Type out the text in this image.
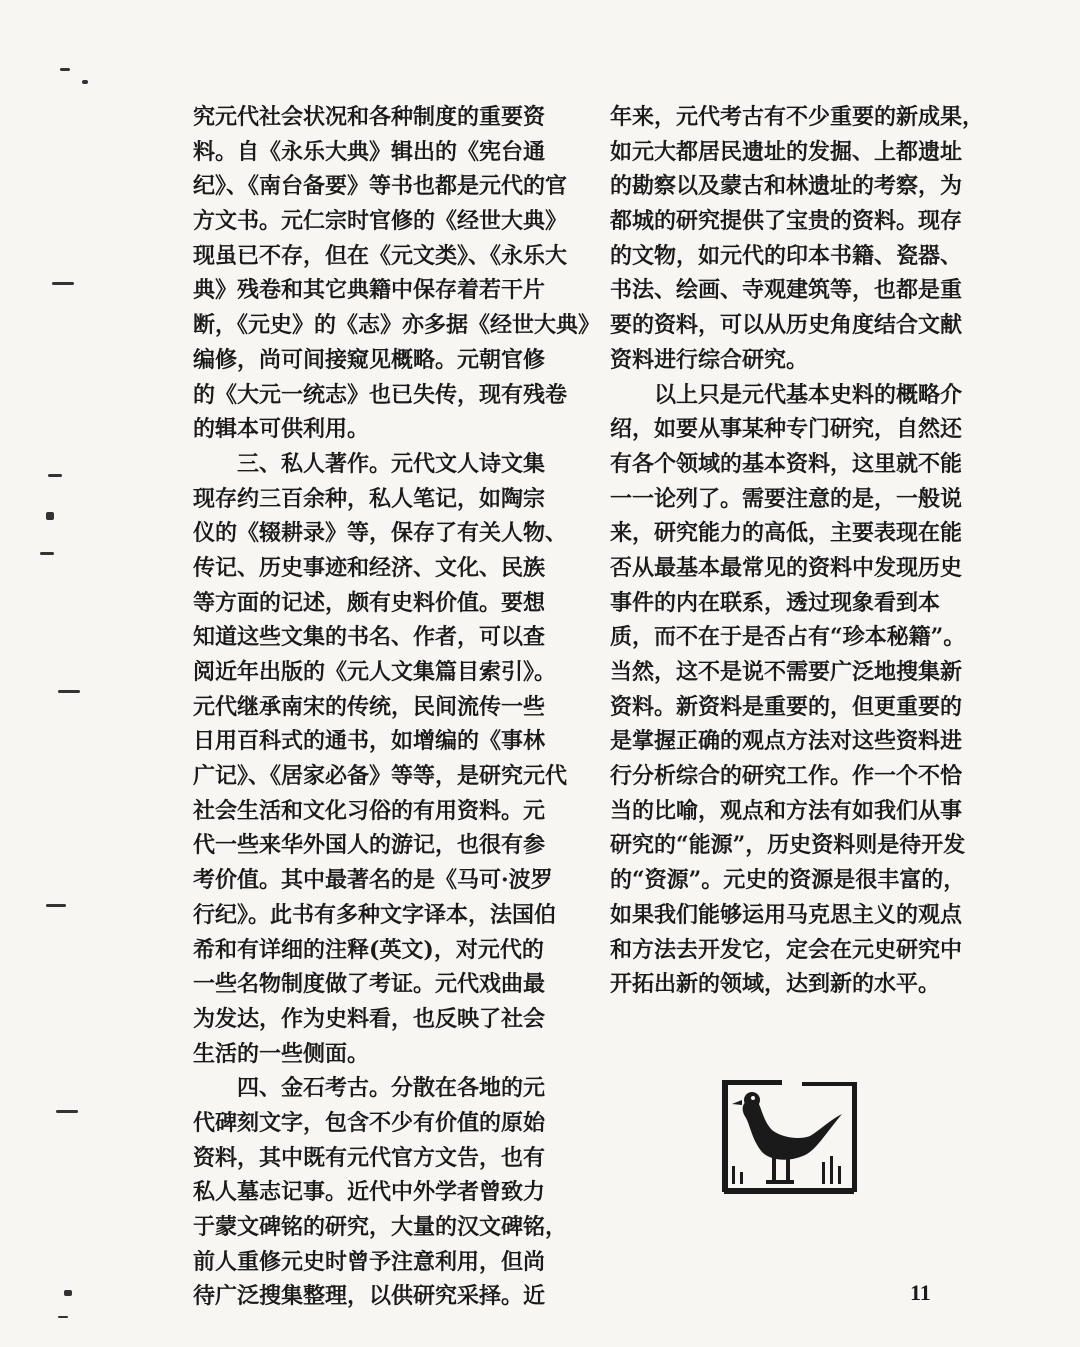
究元代社会状况和各种制度的重要资
料。自《永乐大典》辑出的《宪台通
纪》、《南台备要》等书也都是元代的官
方文书。元仁宗时官修的《经世大典》
现虽已不存，但在《元文类》、《永乐大
典》残卷和其它典籍中保存着若干片
断，《元史》的《志》亦多据《经世大典》
编修，尚可间接窥见概略。元朝官修
的《大元一统志》也已失传，现有残卷
的辑本可供利用。
三、私人著作。元代文人诗文集
现存约三百余种，私人笔记，如陶宗
仪的《辍耕录》等，保存了有关人物、
传记、历史事迹和经济、文化、民族
等方面的记述，颇有史料价值。要想
知道这些文集的书名、作者，可以查
阅近年出版的《元人文集篇目索引》。
元代继承南宋的传统，民间流传一些
日用百科式的通书，如增编的《事林
广记》、《居家必备》等等，是研究元代
社会生活和文化习俗的有用资料。元
代一些来华外国人的游记，也很有参
考价值。其中最著名的是《马可·波罗
行纪》。此书有多种文字译本，法国伯
希和有详细的注释(英文)，对元代的
一些名物制度做了考证。元代戏曲最
为发达，作为史料看，也反映了社会
生活的一些侧面。
四、金石考古。分散在各地的元
代碑刻文字，包含不少有价值的原始
资料，其中既有元代官方文告，也有
私人墓志记事。近代中外学者曾致力
于蒙文碑铭的研究，大量的汉文碑铭，
前人重修元史时曾予注意利用，但尚
待广泛搜集整理，以供研究采择。近
年来，元代考古有不少重要的新成果，
如元大都居民遗址的发掘、上都遗址
的勘察以及蒙古和林遗址的考察，为
都城的研究提供了宝贵的资料。现存
的文物，如元代的印本书籍、瓷器、
书法、绘画、寺观建筑等，也都是重
要的资料，可以从历史角度结合文献
资料进行综合研究。
以上只是元代基本史料的概略介
绍，如要从事某种专门研究，自然还
有各个领域的基本资料，这里就不能
一一论列了。需要注意的是，一般说
来，研究能力的高低，主要表现在能
否从最基本最常见的资料中发现历史
事件的内在联系，透过现象看到本
质，而不在于是否占有“珍本秘籍”。
当然，这不是说不需要广泛地搜集新
资料。新资料是重要的，但更重要的
是掌握正确的观点方法对这些资料进
行分析综合的研究工作。作一个不恰
当的比喻，观点和方法有如我们从事
研究的“能源”，历史资料则是待开发
的“资源”。元史的资源是很丰富的，
如果我们能够运用马克思主义的观点
和方法去开发它，定会在元史研究中
开拓出新的领域，达到新的水平。
11
